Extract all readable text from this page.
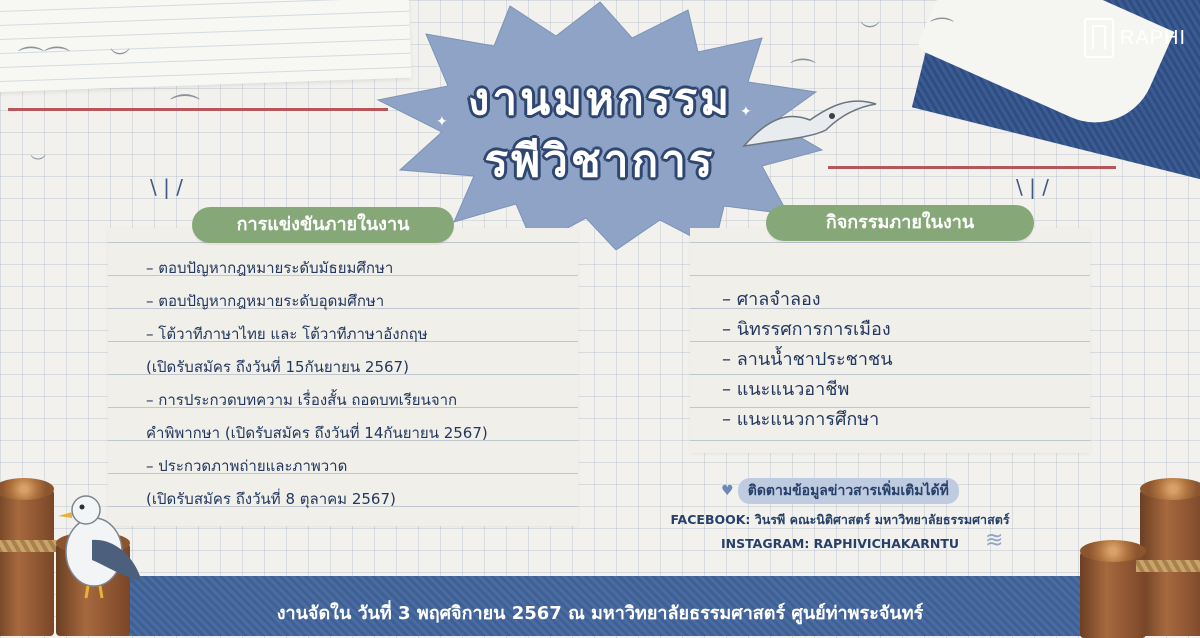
⌒⌒ ︶
⌒
︶
⌒
︶ ⌒	RAPHI
✦
✦
งานมหกรรม
รพีวิชาการ
\ | /
การแข่งขันภายในงาน
– ตอบปัญหากฎหมายระดับมัธยมศึกษา
– ตอบปัญหากฎหมายระดับอุดมศึกษา
– โต้วาทีภาษาไทย และ โต้วาทีภาษาอังกฤษ
(เปิดรับสมัคร ถึงวันที่ 15กันยายน 2567)
– การประกวดบทความ เรื่องสั้น ถอดบทเรียนจาก
คำพิพากษา (เปิดรับสมัคร ถึงวันที่ 14กันยายน 2567)
– ประกวดภาพถ่ายและภาพวาด
(เปิดรับสมัคร ถึงวันที่ 8 ตุลาคม 2567)
\ | /
กิจกรรมภายในงาน
– ศาลจำลอง
– นิทรรศการการเมือง
– ลานน้ำชาประชาชน
– แนะแนวอาชีพ
– แนะแนวการศึกษา
♥ ติดตามข้อมูลข่าวสารเพิ่มเติมได้ที่
FACEBOOK: วินรพี คณะนิติศาสตร์ มหาวิทยาลัยธรรมศาสตร์
INSTAGRAM: RAPHIVICHAKARNTU	≋
งานจัดใน วันที่ 3 พฤศจิกายน 2567 ณ มหาวิทยาลัยธรรมศาสตร์ ศูนย์ท่าพระจันทร์
